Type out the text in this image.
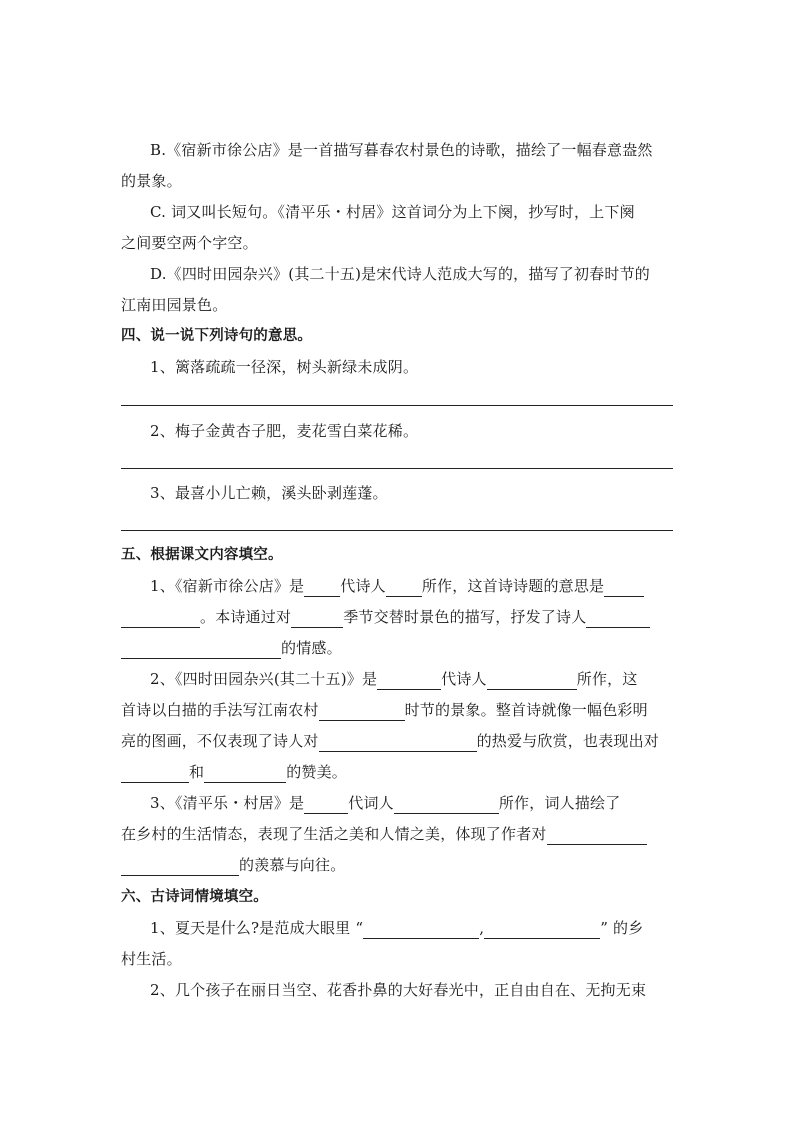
B.《宿新市徐公店》是一首描写暮春农村景色的诗歌，描绘了一幅春意盎然
的景象。
C. 词又叫长短句。《清平乐・村居》这首词分为上下阕，抄写时，上下阕
之间要空两个字空。
D.《四时田园杂兴》(其二十五)是宋代诗人范成大写的，描写了初春时节的
江南田园景色。
四、说一说下列诗句的意思。
1、篱落疏疏一径深，树头新绿未成阴。
2、梅子金黄杏子肥，麦花雪白菜花稀。
3、最喜小儿亡赖，溪头卧剥莲蓬。
五、根据课文内容填空。
1、《宿新市徐公店》是 代诗人 所作，这首诗诗题的意思是
。本诗通过对	季节交替时景色的描写，抒发了诗人
的情感。
2、《四时田园杂兴(其二十五)》是	代诗人	所作，这
首诗以白描的手法写江南农村	时节的景象。整首诗就像一幅色彩明
亮的图画，不仅表现了诗人对	的热爱与欣赏，也表现出对
和	的赞美。
3、《清平乐・村居》是	代词人	所作，词人描绘了
在乡村的生活情态，表现了生活之美和人情之美，体现了作者对
的羡慕与向往。
六、古诗词情境填空。
1、夏天是什么?是范成大眼里 “	,	” 的乡
村生活。
2、几个孩子在丽日当空、花香扑鼻的大好春光中，正自由自在、无拘无束
